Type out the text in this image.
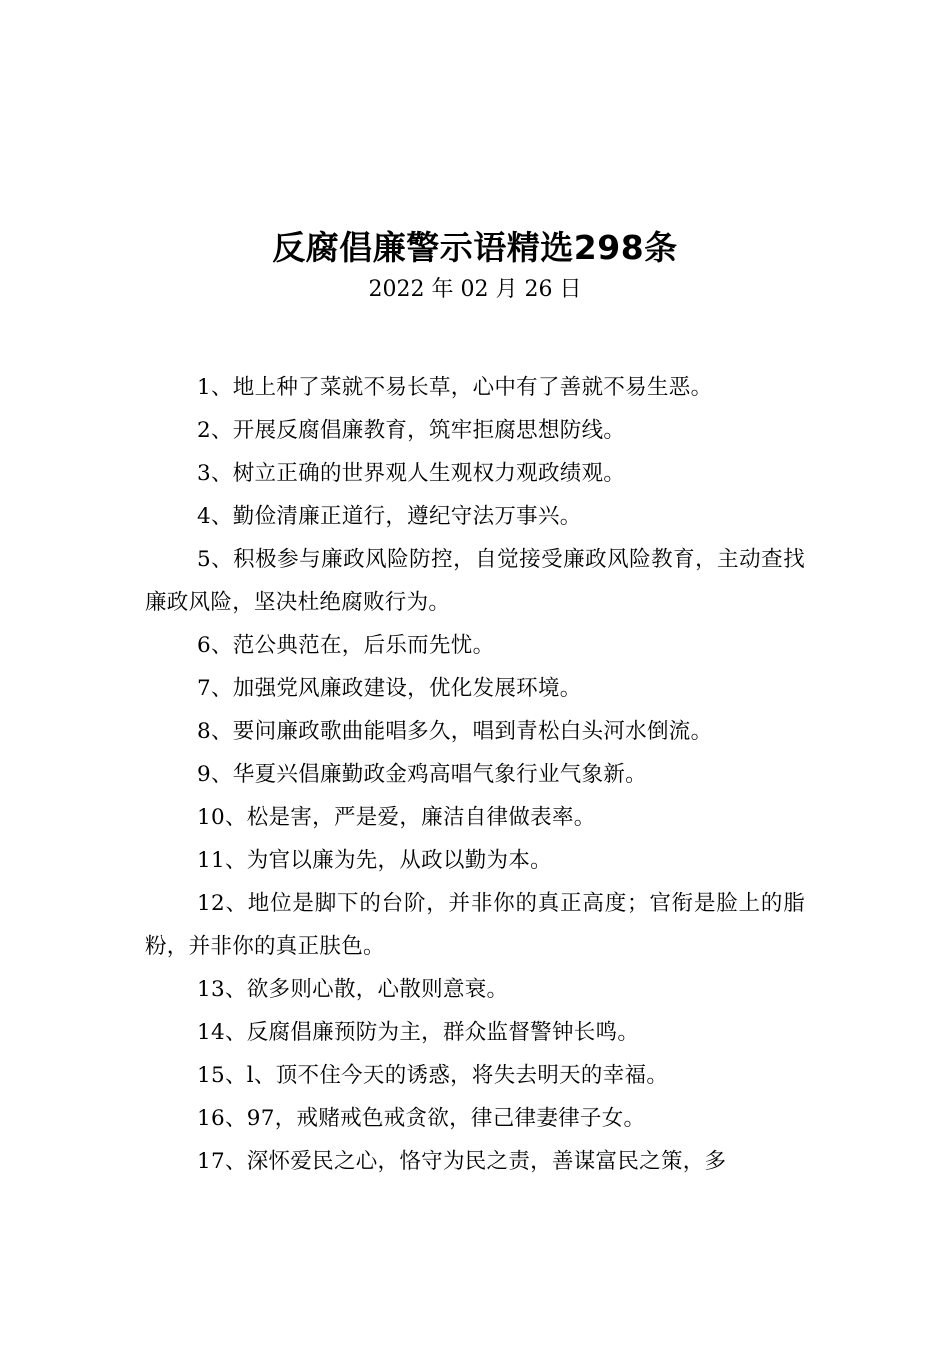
反腐倡廉警示语精选298条
2022 年 02 月 26 日

1、地上种了菜就不易长草，心中有了善就不易生恶。

2、开展反腐倡廉教育，筑牢拒腐思想防线。

3、树立正确的世界观人生观权力观政绩观。

4、勤俭清廉正道行，遵纪守法万事兴。

5、积极参与廉政风险防控，自觉接受廉政风险教育，主动查找廉政风险，坚决杜绝腐败行为。

6、范公典范在，后乐而先忧。

7、加强党风廉政建设，优化发展环境。

8、要问廉政歌曲能唱多久，唱到青松白头河水倒流。

9、华夏兴倡廉勤政金鸡高唱气象行业气象新。

10、松是害，严是爱，廉洁自律做表率。

11、为官以廉为先，从政以勤为本。

12、地位是脚下的台阶，并非你的真正高度；官衔是脸上的脂粉，并非你的真正肤色。

13、欲多则心散，心散则意衰。

14、反腐倡廉预防为主，群众监督警钟长鸣。

15、l、顶不住今天的诱惑，将失去明天的幸福。

16、97，戒赌戒色戒贪欲，律己律妻律子女。

17、深怀爱民之心，恪守为民之责，善谋富民之策，多
